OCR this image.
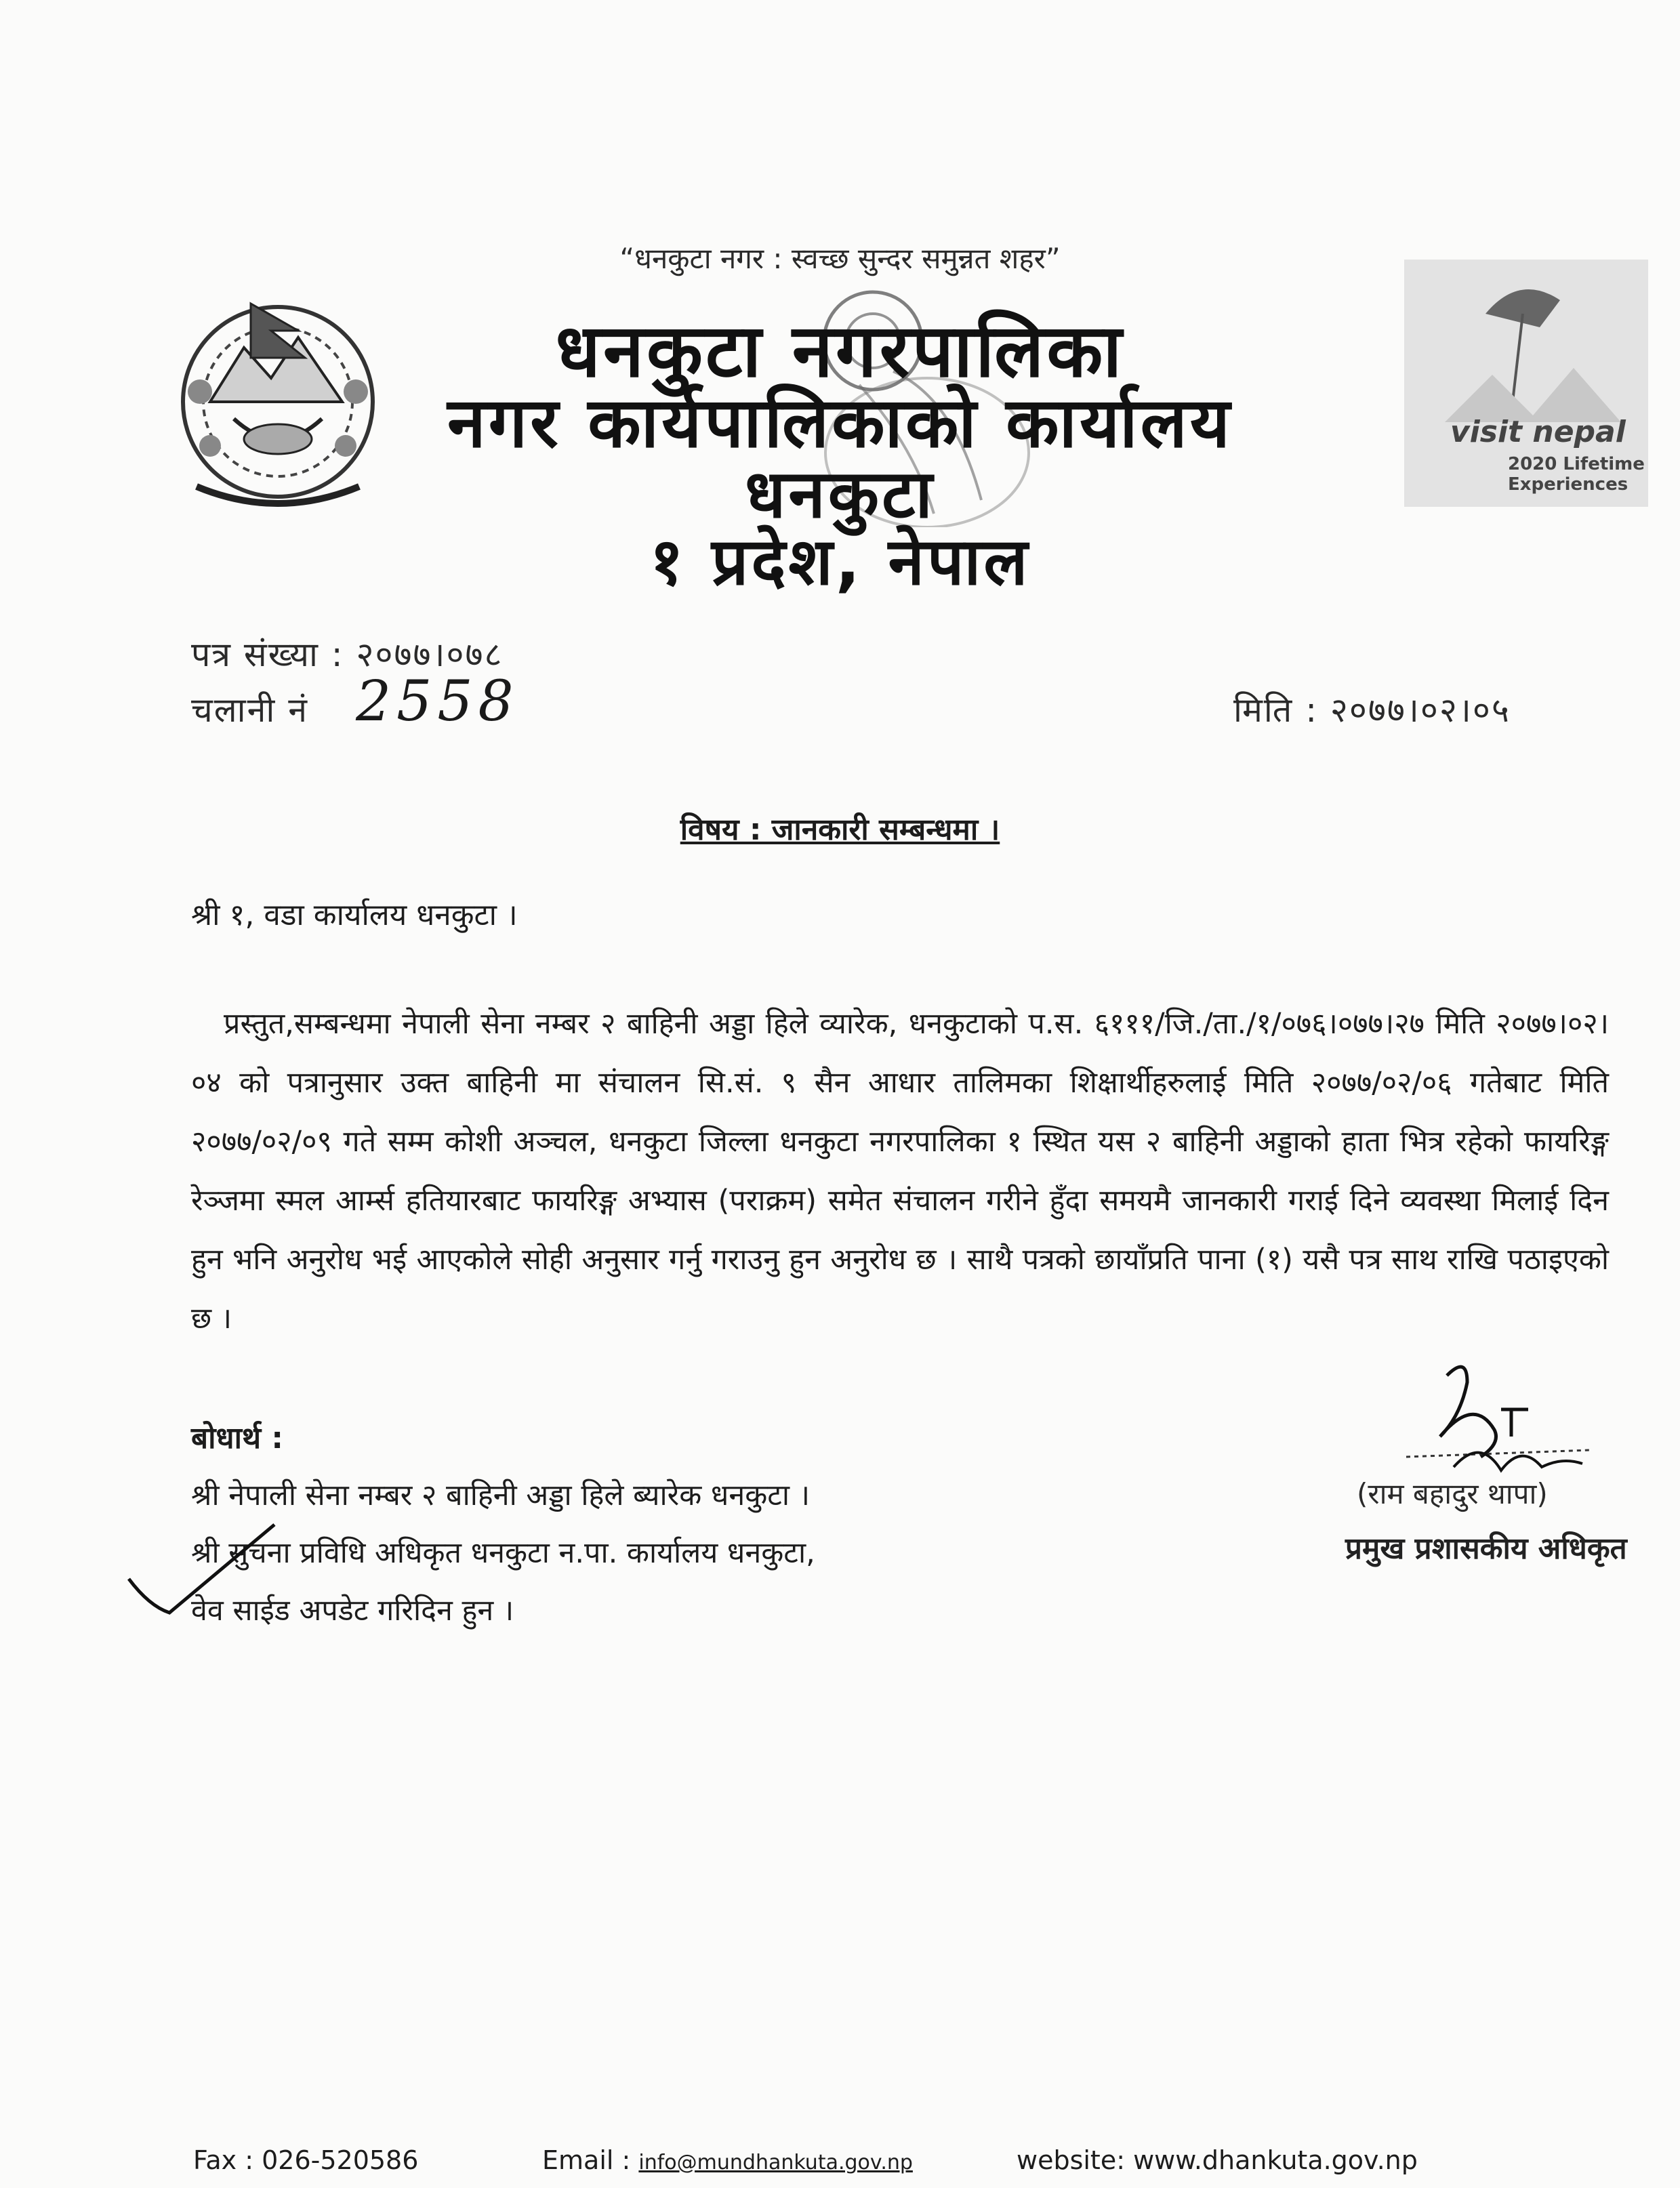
“धनकुटा नगर : स्वच्छ सुन्दर समुन्नत शहर”
धनकुटा नगरपालिका
नगर कार्यपालिकाको कार्यालय
धनकुटा
१ प्रदेश, नेपाल
visit nepal
2020 Lifetime Experiences
पत्र संख्या : २०७७।०७८
चलानी नं 2558	मिति : २०७७।०२।०५
विषय : जानकारी सम्बन्धमा ।
श्री १, वडा कार्यालय धनकुटा ।
प्रस्तुत,सम्बन्धमा नेपाली सेना नम्बर २ बाहिनी अड्डा हिले व्यारेक, धनकुटाको प.स. ६१११/जि./ता./१/०७६।०७७।२७ मिति २०७७।०२।०४ को पत्रानुसार उक्त बाहिनी मा संचालन सि.सं. ९ सैन आधार तालिमका शिक्षार्थीहरुलाई मिति २०७७/०२/०६ गतेबाट मिति २०७७/०२/०९ गते सम्म कोशी अञ्चल, धनकुटा जिल्ला धनकुटा नगरपालिका १ स्थित यस २ बाहिनी अड्डाको हाता भित्र रहेको फायरिङ्ग रेञ्जमा स्मल आर्म्स हतियारबाट फायरिङ्ग अभ्यास (पराक्रम) समेत संचालन गरीने हुँदा समयमै जानकारी गराई दिने व्यवस्था मिलाई दिन हुन भनि अनुरोध भई आएकोले सोही अनुसार गर्नु गराउनु हुन अनुरोध छ । साथै पत्रको छायाँप्रति पाना (१) यसै पत्र साथ राखि पठाइएको छ ।
(राम बहादुर थापा)
प्रमुख प्रशासकीय अधिकृत
बोधार्थ :
श्री नेपाली सेना नम्बर २ बाहिनी अड्डा हिले ब्यारेक धनकुटा ।
श्री सुचना प्रविधि अधिकृत धनकुटा न.पा. कार्यालय धनकुटा,
वेव साईड अपडेट गरिदिन हुन ।
Fax : 026-520586	Email : info@mundhankuta.gov.np	website: www.dhankuta.gov.np
